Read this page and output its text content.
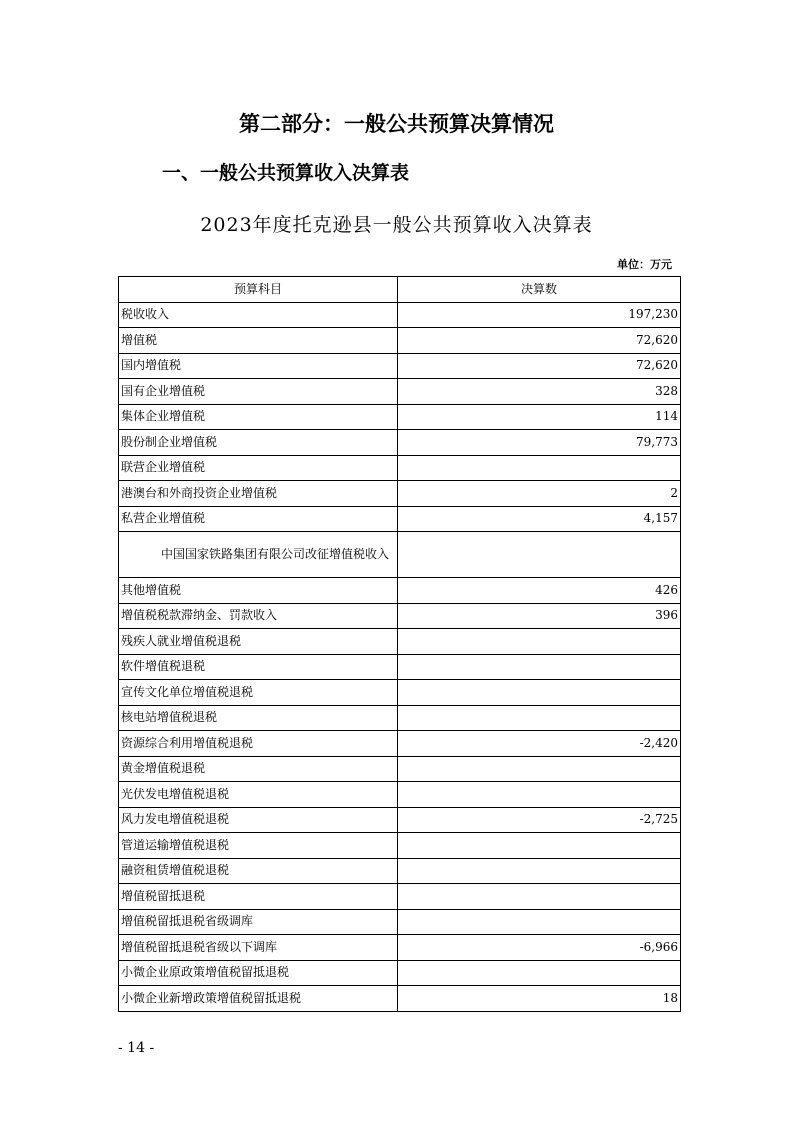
第二部分：一般公共预算决算情况
一、一般公共预算收入决算表
2023年度托克逊县一般公共预算收入决算表
单位：万元
预算科目	决算数
税收收入	197,230
增值税	72,620
国内增值税	72,620
国有企业增值税	328
集体企业增值税	114
股份制企业增值税	79,773
联营企业增值税	
港澳台和外商投资企业增值税	2
私营企业增值税	4,157
中国国家铁路集团有限公司改征增值税收入	
其他增值税	426
增值税税款滞纳金、罚款收入	396
残疾人就业增值税退税	
软件增值税退税	
宣传文化单位增值税退税	
核电站增值税退税	
资源综合利用增值税退税	-2,420
黄金增值税退税	
光伏发电增值税退税	
风力发电增值税退税	-2,725
管道运输增值税退税	
融资租赁增值税退税	
增值税留抵退税	
增值税留抵退税省级调库	
增值税留抵退税省级以下调库	-6,966
小微企业原政策增值税留抵退税	
小微企业新增政策增值税留抵退税	18
- 14 -
